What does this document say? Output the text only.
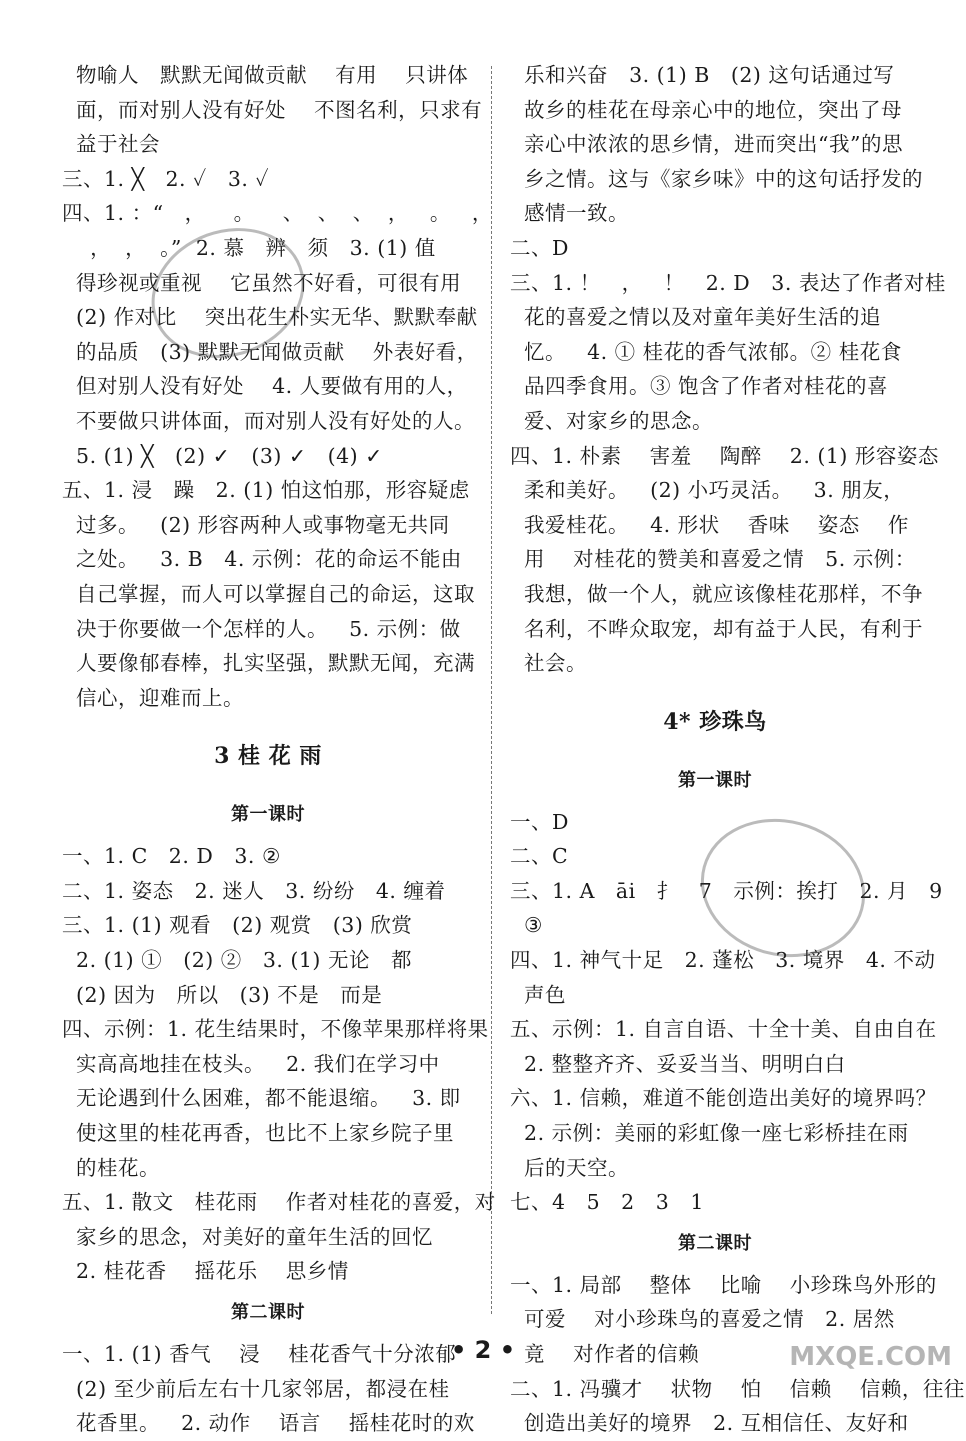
物喻人   默默无闻做贡献    有用    只讲体
面，而对别人没有好处    不图名利，只求有
益于社会
三、1. ╳   2. ✓   3. ✓
四、1. ：“   ，    。    、  、  、  ，   。   ，
，  ，  。”  2. 慕   辨   须   3. (1) 值
得珍视或重视    它虽然不好看，可很有用
(2) 作对比    突出花生朴实无华、默默奉献
的品质   (3) 默默无闻做贡献    外表好看，
但对别人没有好处    4. 人要做有用的人，
不要做只讲体面，而对别人没有好处的人。
5. (1) ╳   (2) ✓   (3) ✓   (4) ✓
五、1. 浸   躁   2. (1) 怕这怕那，形容疑虑
过多。   (2) 形容两种人或事物毫无共同
之处。   3. B   4. 示例：花的命运不能由
自己掌握，而人可以掌握自己的命运，这取
决于你要做一个怎样的人。   5. 示例：做
人要像郁春棒，扎实坚强，默默无闻，充满
信心，迎难而上。
3 桂 花 雨
第一课时
一、1. C   2. D   3. ②
二、1. 姿态   2. 迷人   3. 纷纷   4. 缠着
三、1. (1) 观看   (2) 观赏   (3) 欣赏
2. (1) ①   (2) ②   3. (1) 无论   都
(2) 因为   所以   (3) 不是   而是
四、示例：1. 花生结果时，不像苹果那样将果
实高高地挂在枝头。   2. 我们在学习中
无论遇到什么困难，都不能退缩。   3. 即
使这里的桂花再香，也比不上家乡院子里
的桂花。
五、1. 散文   桂花雨    作者对桂花的喜爱，对
家乡的思念，对美好的童年生活的回忆
2. 桂花香    摇花乐    思乡情
第二课时
一、1. (1) 香气    浸    桂花香气十分浓郁
(2) 至少前后左右十几家邻居，都浸在桂
花香里。   2. 动作    语言    摇桂花时的欢
乐和兴奋   3. (1) B   (2) 这句话通过写
故乡的桂花在母亲心中的地位，突出了母
亲心中浓浓的思乡情，进而突出“我”的思
乡之情。这与《家乡味》中的这句话抒发的
感情一致。
二、D
三、1. ！   ，   ！   2. D   3. 表达了作者对桂
花的喜爱之情以及对童年美好生活的追
忆。   4. ① 桂花的香气浓郁。② 桂花食
品四季食用。③ 饱含了作者对桂花的喜
爱、对家乡的思念。
四、1. 朴素    害羞    陶醉    2. (1) 形容姿态
柔和美好。   (2) 小巧灵活。   3. 朋友，
我爱桂花。   4. 形状    香味    姿态    作
用    对桂花的赞美和喜爱之情   5. 示例：
我想，做一个人，就应该像桂花那样，不争
名利，不哗众取宠，却有益于人民，有利于
社会。
4* 珍珠鸟
第一课时
一、D
二、C
三、1. A   āi   扌   7   示例：挨打   2. 月   9
③
四、1. 神气十足   2. 蓬松   3. 境界   4. 不动
声色
五、示例：1. 自言自语、十全十美、自由自在
2. 整整齐齐、妥妥当当、明明白白
六、1. 信赖，难道不能创造出美好的境界吗？
2. 示例：美丽的彩虹像一座七彩桥挂在雨
后的天空。
七、4   5   2   3   1
第二课时
一、1. 局部    整体    比喻    小珍珠鸟外形的
可爱    对小珍珠鸟的喜爱之情   2. 居然
竟    对作者的信赖
二、1. 冯骥才    状物    怕    信赖    信赖，往往
创造出美好的境界   2. 互相信任、友好和
• 2 •	MXQE.COM
